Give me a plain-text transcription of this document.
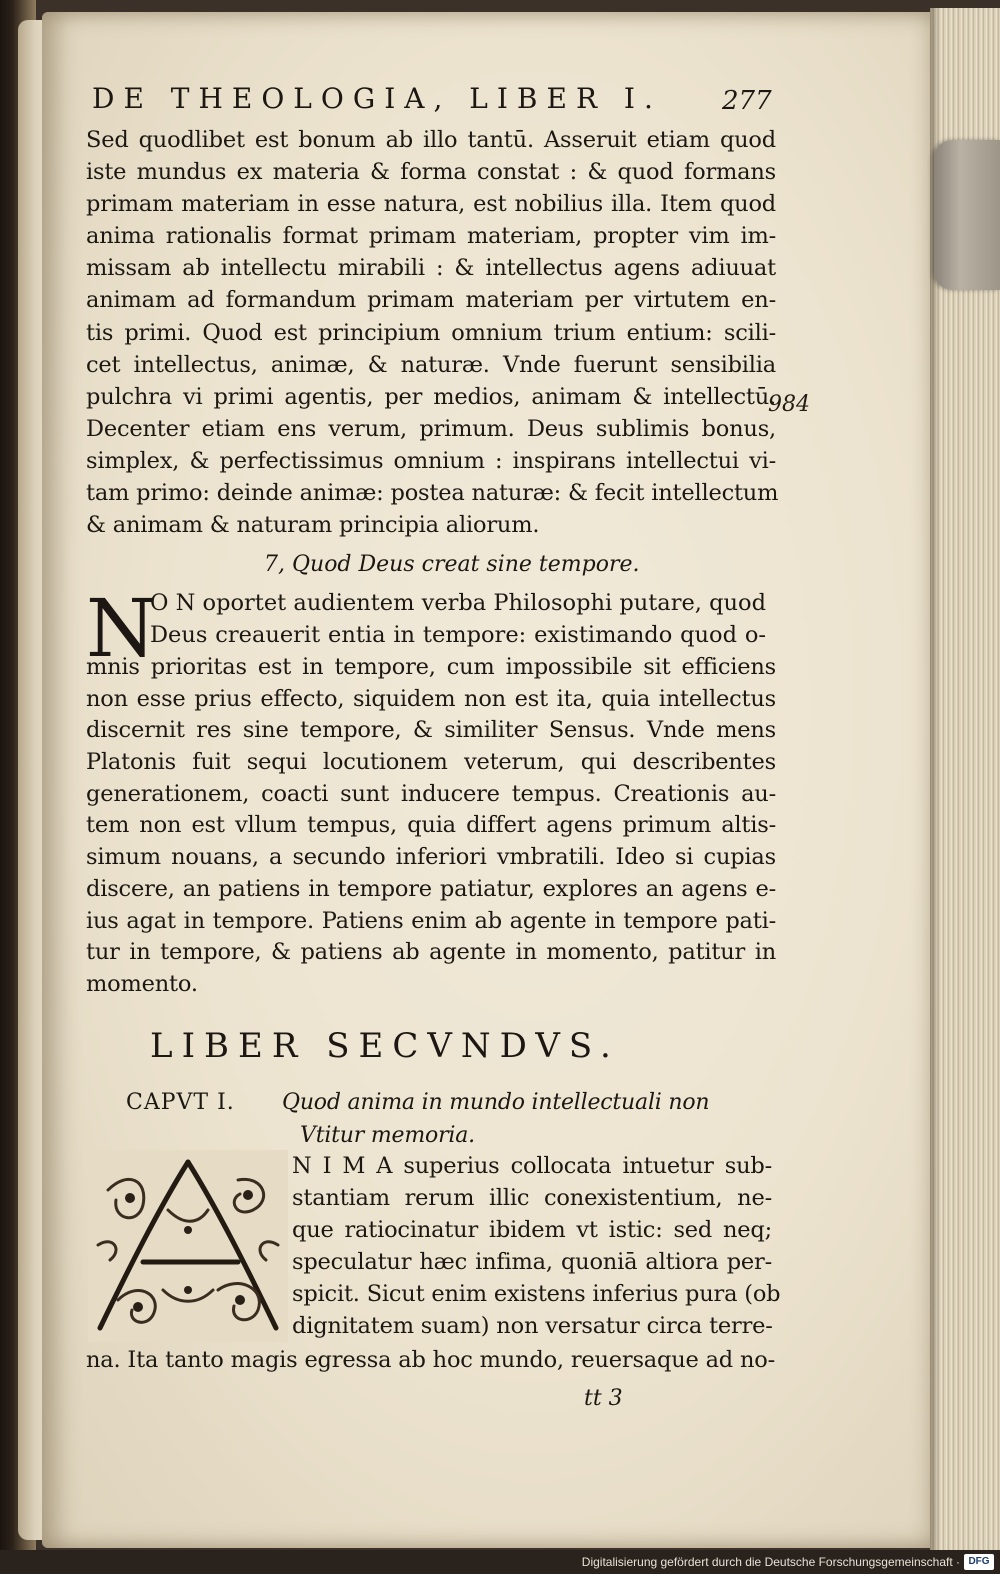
DE THEOLOGIA, LIBER I. 277
984
Sed quodlibet est bonum ab illo tantū. Asseruit etiam quod
iste mundus ex materia & forma constat : & quod formans
primam materiam in esse natura, est nobilius illa. Item quod
anima rationalis format primam materiam, propter vim im-
missam ab intellectu mirabili : & intellectus agens adiuuat
animam ad formandum primam materiam per virtutem en-
tis primi. Quod est principium omnium trium entium: scili-
cet intellectus, animæ, & naturæ. Vnde fuerunt sensibilia
pulchra vi primi agentis, per medios, animam & intellectū.
Decenter etiam ens verum, primum. Deus sublimis bonus,
simplex, & perfectissimus omnium : inspirans intellectui vi-
tam primo: deinde animæ: postea naturæ: & fecit intellectum
& animam & naturam principia aliorum.
7, Quod Deus creat sine tempore.
N
O N oportet audientem verba Philosophi putare, quod
Deus creauerit entia in tempore: existimando quod o-
mnis prioritas est in tempore, cum impossibile sit efficiens
non esse prius effecto, siquidem non est ita, quia intellectus
discernit res sine tempore, & similiter Sensus. Vnde mens
Platonis fuit sequi locutionem veterum, qui describentes
generationem, coacti sunt inducere tempus. Creationis au-
tem non est vllum tempus, quia differt agens primum altis-
simum nouans, a secundo inferiori vmbratili. Ideo si cupias
discere, an patiens in tempore patiatur, explores an agens e-
ius agat in tempore. Patiens enim ab agente in tempore pati-
tur in tempore, & patiens ab agente in momento, patitur in
momento.
LIBER SECVNDVS.
CAPVT I.	Quod anima in mundo intellectuali non
Vtitur memoria.
N I M A superius collocata intuetur sub-
stantiam rerum illic conexistentium, ne-
que ratiocinatur ibidem vt istic: sed neq;
speculatur hæc infima, quoniā altiora per-
spicit. Sicut enim existens inferius pura (ob
dignitatem suam) non versatur circa terre-
na. Ita tanto magis egressa ab hoc mundo, reuersaque ad no-
tt 3
Digitalisierung gefördert durch die Deutsche Forschungsgemeinschaft · DFG
